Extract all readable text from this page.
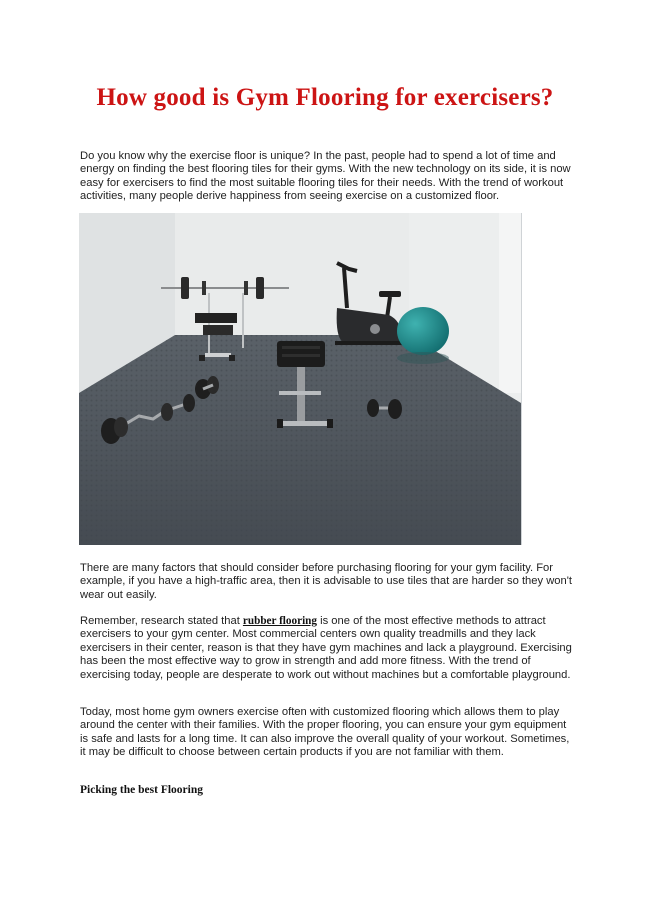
How good is Gym Flooring for exercisers?

Do you know why the exercise floor is unique? In the past, people had to spend a lot of time and energy on finding the best flooring tiles for their gyms. With the new technology on its side, it is now easy for exercisers to find the most suitable flooring tiles for their needs. With the trend of workout activities, many people derive happiness from seeing exercise on a customized floor.

There are many factors that should consider before purchasing flooring for your gym facility. For example, if you have a high-traffic area, then it is advisable to use tiles that are harder so they won't wear out easily.

Remember, research stated that rubber flooring is one of the most effective methods to attract exercisers to your gym center. Most commercial centers own quality treadmills and they lack exercisers in their center, reason is that they have gym machines and lack a playground. Exercising has been the most effective way to grow in strength and add more fitness. With the trend of exercising today, people are desperate to work out without machines but a comfortable playground.

Today, most home gym owners exercise often with customized flooring which allows them to play around the center with their families. With the proper flooring, you can ensure your gym equipment is safe and lasts for a long time. It can also improve the overall quality of your workout. Sometimes, it may be difficult to choose between certain products if you are not familiar with them.

Picking the best Flooring
